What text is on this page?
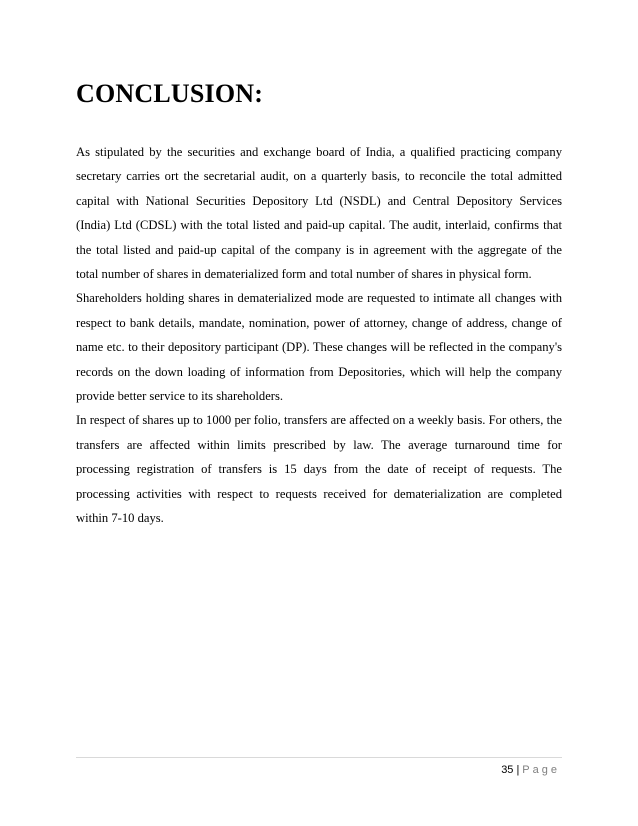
CONCLUSION:

As stipulated by the securities and exchange board of India, a qualified practicing company secretary carries ort the secretarial audit, on a quarterly basis, to reconcile the total admitted capital with National Securities Depository Ltd (NSDL) and Central Depository Services (India) Ltd (CDSL) with the total listed and paid-up capital. The audit, interlaid, confirms that the total listed and paid-up capital of the company is in agreement with the aggregate of the total number of shares in dematerialized form and total number of shares in physical form.

Shareholders holding shares in dematerialized mode are requested to intimate all changes with respect to bank details, mandate, nomination, power of attorney, change of address, change of name etc. to their depository participant (DP). These changes will be reflected in the company's records on the down loading of information from Depositories, which will help the company provide better service to its shareholders.

In respect of shares up to 1000 per folio, transfers are affected on a weekly basis. For others, the transfers are affected within limits prescribed by law. The average turnaround time for processing registration of transfers is 15 days from the date of receipt of requests. The processing activities with respect to requests received for dematerialization are completed within 7-10 days.

35 | Page
